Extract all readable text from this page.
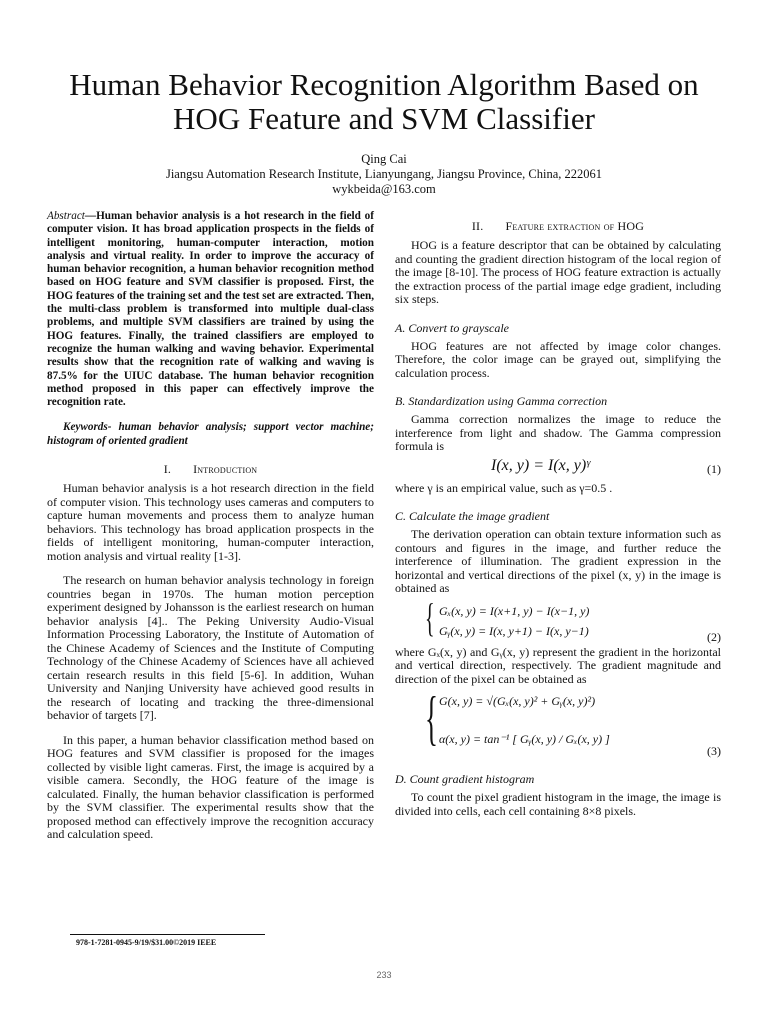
Human Behavior Recognition Algorithm Based on
HOG Feature and SVM Classifier
Qing Cai
Jiangsu Automation Research Institute, Lianyungang, Jiangsu Province, China, 222061
wykbeida@163.com

Abstract—Human behavior analysis is a hot research in the field of computer vision. It has broad application prospects in the fields of intelligent monitoring, human-computer interaction, motion analysis and virtual reality. In order to improve the accuracy of human behavior recognition, a human behavior recognition method based on HOG feature and SVM classifier is proposed. First, the HOG features of the training set and the test set are extracted. Then, the multi-class problem is transformed into multiple dual-class problems, and multiple SVM classifiers are trained by using the HOG features. Finally, the trained classifiers are employed to recognize the human walking and waving behavior. Experimental results show that the recognition rate of walking and waving is 87.5% for the UIUC database. The human behavior recognition method proposed in this paper can effectively improve the recognition rate.

Keywords- human behavior analysis; support vector machine; histogram of oriented gradient

I. Introduction

Human behavior analysis is a hot research direction in the field of computer vision. This technology uses cameras and computers to capture human movements and process them to analyze human behaviors. This technology has broad application prospects in the fields of intelligent monitoring, human-computer interaction, motion analysis and virtual reality [1-3].

The research on human behavior analysis technology in foreign countries began in 1970s. The human motion perception experiment designed by Johansson is the earliest research on human behavior analysis [4].. The Peking University Audio-Visual Information Processing Laboratory, the Institute of Automation of the Chinese Academy of Sciences and the Institute of Computing Technology of the Chinese Academy of Sciences have all achieved certain research results in this field [5-6]. In addition, Wuhan University and Nanjing University have achieved good results in the research of locating and tracking the three-dimensional behavior of targets [7].

In this paper, a human behavior classification method based on HOG features and SVM classifier is proposed for the images collected by visible light cameras. First, the image is acquired by a visible camera. Secondly, the HOG feature of the image is calculated. Finally, the human behavior classification is performed by the SVM classifier. The experimental results show that the proposed method can effectively improve the recognition accuracy and calculation speed.

II. Feature extraction of HOG

HOG is a feature descriptor that can be obtained by calculating and counting the gradient direction histogram of the local region of the image [8-10]. The process of HOG feature extraction is actually the extraction process of the partial image edge gradient, including six steps.

A. Convert to grayscale

HOG features are not affected by image color changes. Therefore, the color image can be grayed out, simplifying the calculation process.

B. Standardization using Gamma correction

Gamma correction normalizes the image to reduce the interference from light and shadow. The Gamma compression formula is

I(x, y) = I(x, y)ᵞ	(1)

where γ is an empirical value, such as γ=0.5 .

C. Calculate the image gradient

The derivation operation can obtain texture information such as contours and figures in the image, and further reduce the interference of illumination. The gradient expression in the horizontal and vertical directions of the pixel (x, y) in the image is obtained as

{ Gₓ(x, y) = I(x+1, y) − I(x−1, y)
Gᵧ(x, y) = I(x, y+1) − I(x, y−1)	(2)

where Gₓ(x, y) and Gᵧ(x, y) represent the gradient in the horizontal and vertical direction, respectively. The gradient magnitude and direction of the pixel can be obtained as

{ G(x, y) = √(Gₓ(x, y)² + Gᵧ(x, y)²)
α(x, y) = tan⁻¹ [ Gᵧ(x, y) / Gₓ(x, y) ]
(3)
D. Count gradient histogram

To count the pixel gradient histogram in the image, the image is divided into cells, each cell containing 8×8 pixels.

978-1-7281-0945-9/19/$31.00©2019 IEEE
233
